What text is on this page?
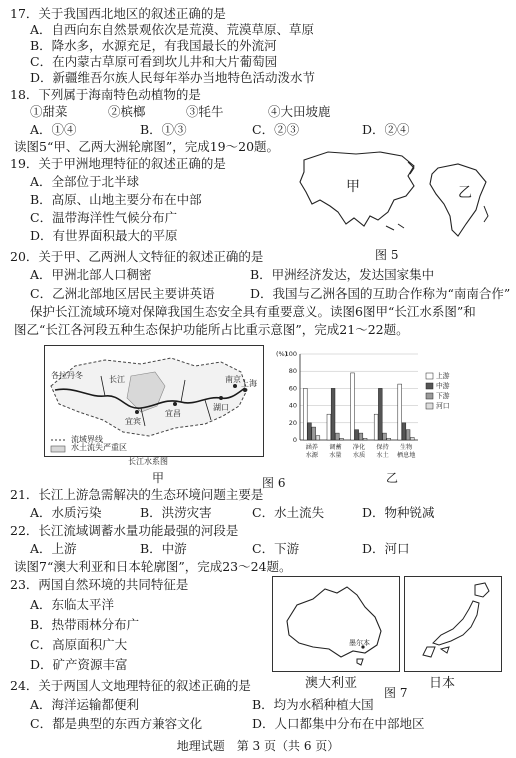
17．关于我国西北地区的叙述正确的是
A．自西向东自然景观依次是荒漠、荒漠草原、草原
B．降水多，水源充足，有我国最长的外流河
C．在内蒙古草原可看到坎儿井和大片葡萄园
D．新疆维吾尔族人民每年举办当地特色活动泼水节
18．下列属于海南特色动植物的是
①甜菜	②槟榔	③牦牛	④大田坡鹿
A．①④	B．①③	C．②③	D．②④
读图5“甲、乙两大洲轮廓图”，完成19～20题。
19．关于甲洲地理特征的叙述正确的是
A．全部位于北半球
B．高原、山地主要分布在中部
C．温带海洋性气候分布广
D．有世界面积最大的平原
甲	乙
图 5
20．关于甲、乙两洲人文特征的叙述正确的是
A．甲洲北部人口稠密	B．甲洲经济发达，发达国家集中
C．乙洲北部地区居民主要讲英语	D．我国与乙洲各国的互助合作称为“南南合作”
保护长江流域环境对保障我国生态安全具有重要意义。读图6图甲“长江水系图”和
图乙“长江各河段五种生态保护功能所占比重示意图”，完成21～22题。
各拉丹冬	长江
宜宾
宜昌
湖口
上海
南京
流域界线
水土流失严重区
长江水系图
(%)
0
20
40
60
80
100
涵养
水源
调蓄
水量
净化
水质
保持
水土
生物
栖息地
上游
中游
下游
河口
甲	乙
图 6
21．长江上游急需解决的生态环境问题主要是
A．水质污染	B．洪涝灾害	C．水土流失	D．物种锐减
22．长江流域调蓄水量功能最强的河段是
A．上游	B．中游	C．下游	D．河口
读图7“澳大利亚和日本轮廓图”，完成23～24题。
23．两国自然环境的共同特征是
A．东临太平洋
B．热带雨林分布广
C．高原面积广大
D．矿产资源丰富
墨尔本
澳大利亚	日本
图 7
24．关于两国人文地理特征的叙述正确的是
A．海洋运输都便利	B．均为水稻种植大国
C．都是典型的东西方兼容文化	D．人口都集中分布在中部地区
地理试题　第 3 页（共 6 页）
